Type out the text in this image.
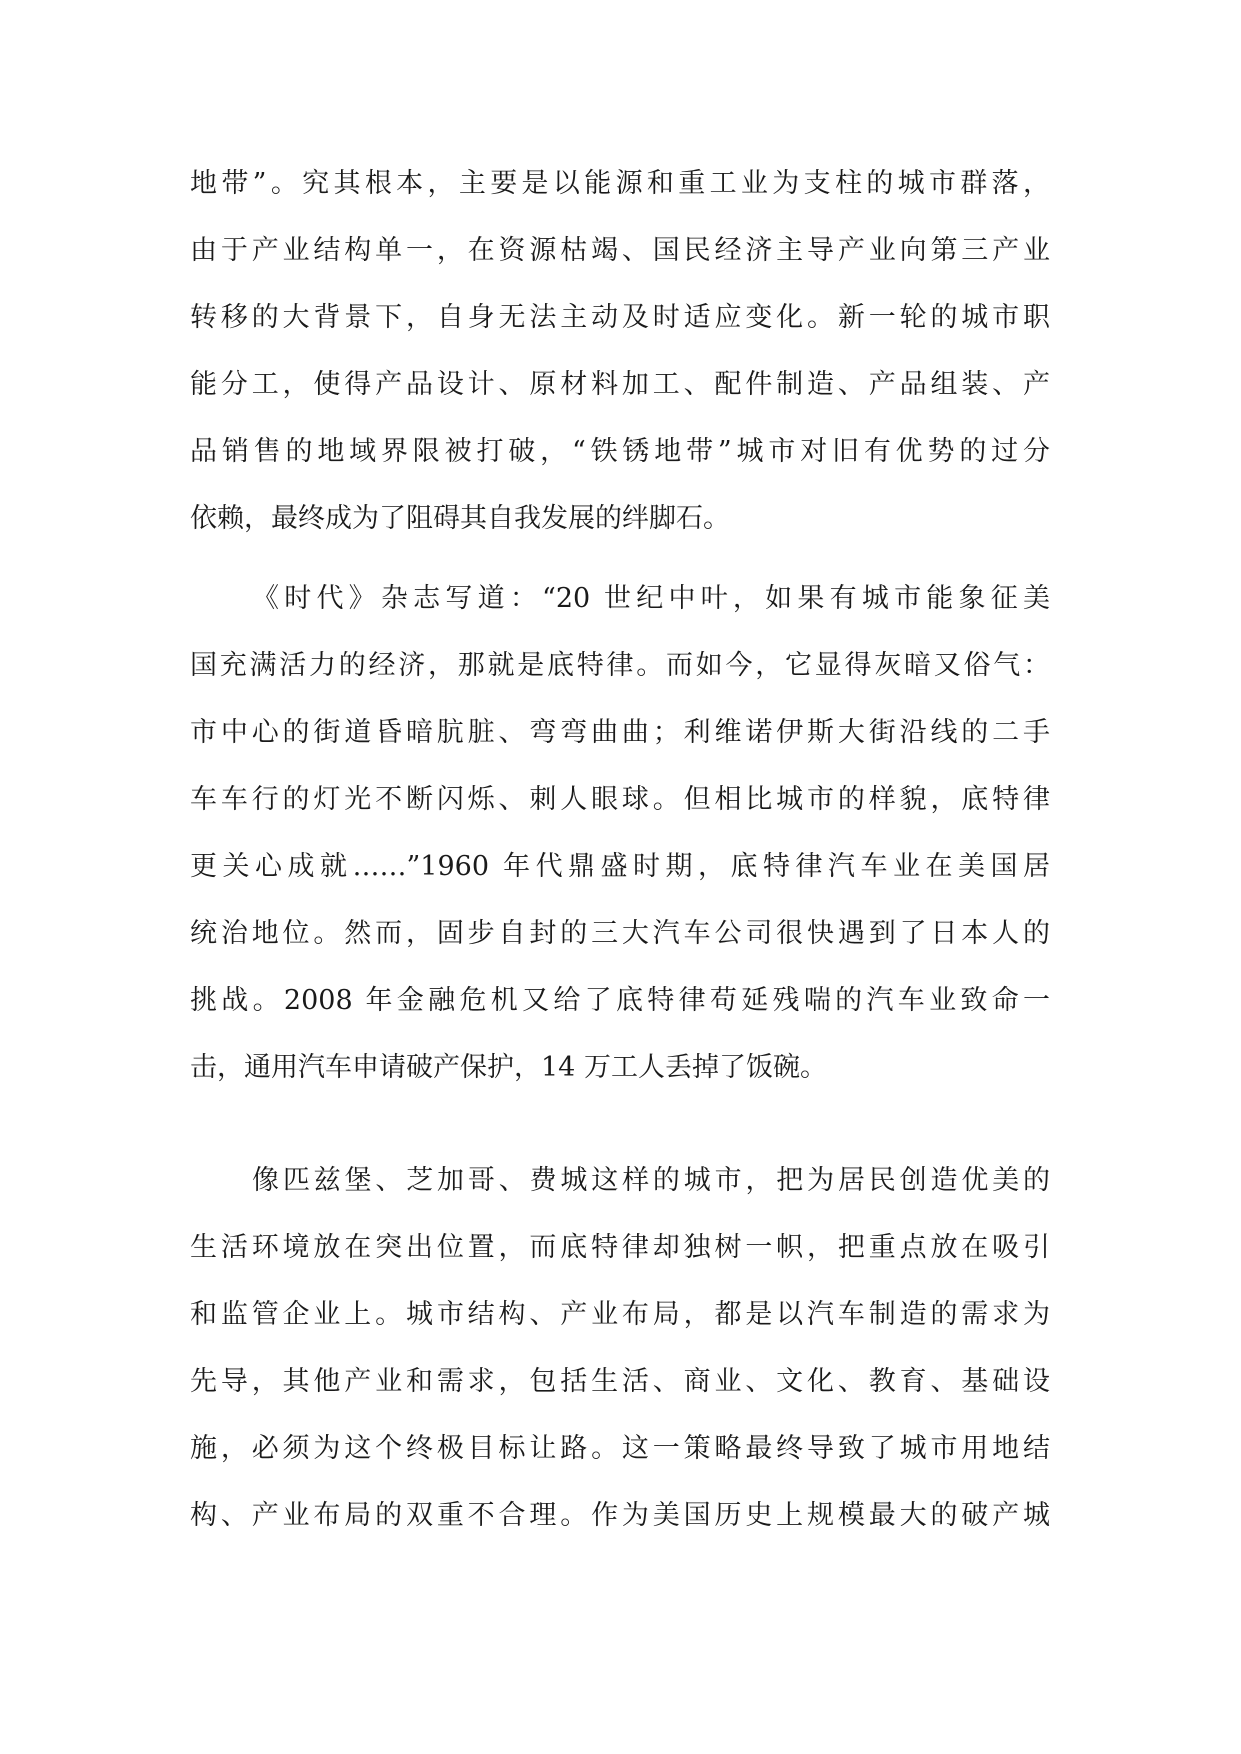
地带”。究其根本，主要是以能源和重工业为支柱的城市群落，
由于产业结构单一，在资源枯竭、国民经济主导产业向第三产业
转移的大背景下，自身无法主动及时适应变化。新一轮的城市职
能分工，使得产品设计、原材料加工、配件制造、产品组装、产
品销售的地域界限被打破，“铁锈地带”城市对旧有优势的过分
依赖，最终成为了阻碍其自我发展的绊脚石。
《时代》杂志写道：“20 世纪中叶，如果有城市能象征美
国充满活力的经济，那就是底特律。而如今，它显得灰暗又俗气：
市中心的街道昏暗肮脏、弯弯曲曲；利维诺伊斯大街沿线的二手
车车行的灯光不断闪烁、刺人眼球。但相比城市的样貌，底特律
更关心成就……”1960 年代鼎盛时期，底特律汽车业在美国居
统治地位。然而，固步自封的三大汽车公司很快遇到了日本人的
挑战。2008 年金融危机又给了底特律苟延残喘的汽车业致命一
击，通用汽车申请破产保护，14 万工人丢掉了饭碗。
像匹兹堡、芝加哥、费城这样的城市，把为居民创造优美的
生活环境放在突出位置，而底特律却独树一帜，把重点放在吸引
和监管企业上。城市结构、产业布局，都是以汽车制造的需求为
先导，其他产业和需求，包括生活、商业、文化、教育、基础设
施，必须为这个终极目标让路。这一策略最终导致了城市用地结
构、产业布局的双重不合理。作为美国历史上规模最大的破产城
